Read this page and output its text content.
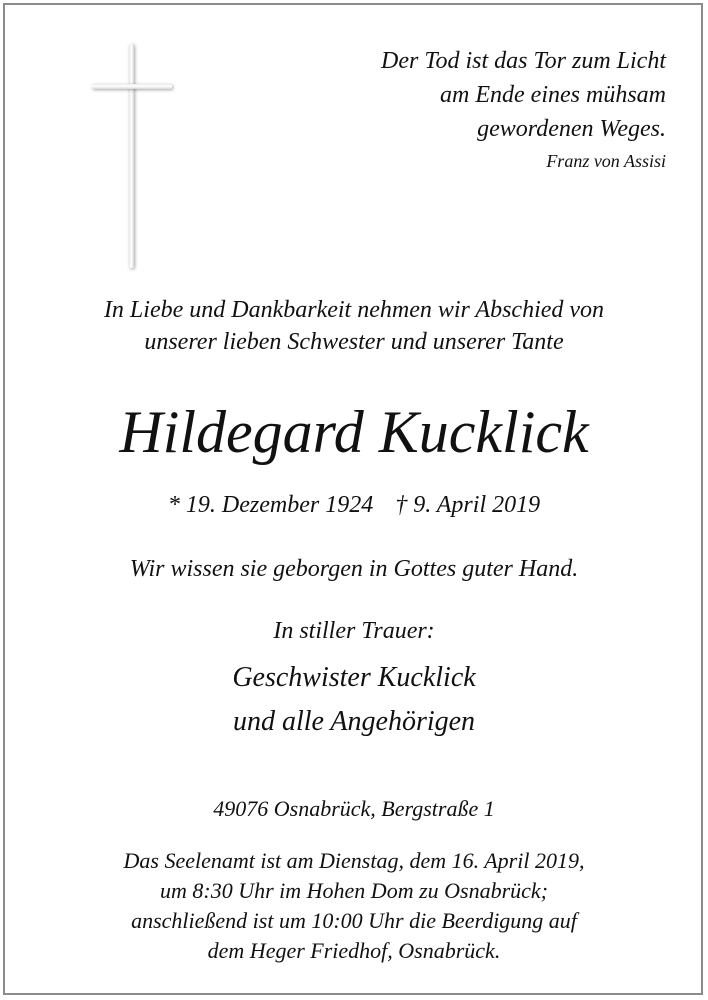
Der Tod ist das Tor zum Licht
am Ende eines mühsam
gewordenen Weges.
Franz von Assisi
In Liebe und Dankbarkeit nehmen wir Abschied von
unserer lieben Schwester und unserer Tante
Hildegard Kucklick
* 19. Dezember 1924 † 9. April 2019
Wir wissen sie geborgen in Gottes guter Hand.
In stiller Trauer:
Geschwister Kucklick
und alle Angehörigen
49076 Osnabrück, Bergstraße 1
Das Seelenamt ist am Dienstag, dem 16. April 2019,
um 8:30 Uhr im Hohen Dom zu Osnabrück;
anschließend ist um 10:00 Uhr die Beerdigung auf
dem Heger Friedhof, Osnabrück.
